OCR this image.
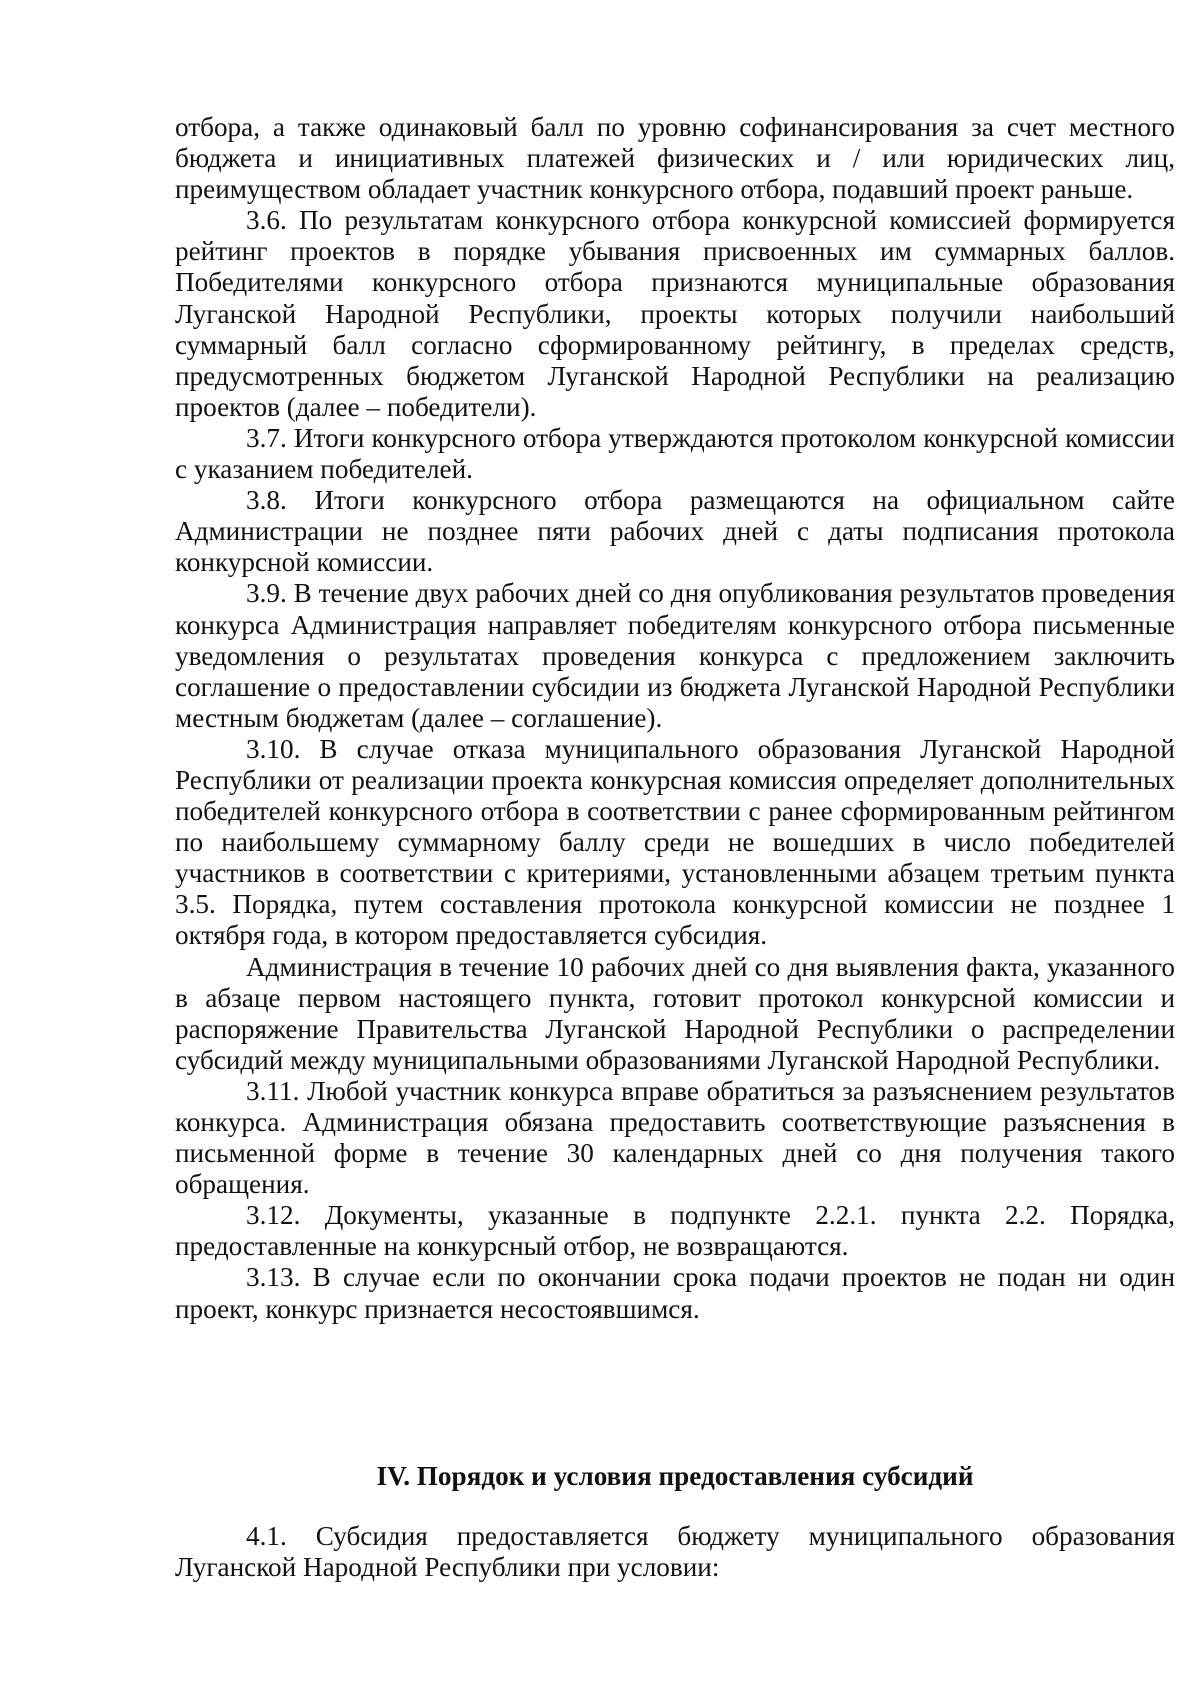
отбора, а также одинаковый балл по уровню софинансирования за счет местного бюджета и инициативных платежей физических и / или юридических лиц, преимуществом обладает участник конкурсного отбора, подавший проект раньше.

3.6. По результатам конкурсного отбора конкурсной комиссией формируется рейтинг проектов в порядке убывания присвоенных им суммарных баллов. Победителями конкурсного отбора признаются муниципальные образования Луганской Народной Республики, проекты которых получили наибольший суммарный балл согласно сформированному рейтингу, в пределах средств, предусмотренных бюджетом Луганской Народной Республики на реализацию проектов (далее – победители).

3.7. Итоги конкурсного отбора утверждаются протоколом конкурсной комиссии с указанием победителей.

3.8. Итоги конкурсного отбора размещаются на официальном сайте Администрации не позднее пяти рабочих дней с даты подписания протокола конкурсной комиссии.

3.9. В течение двух рабочих дней со дня опубликования результатов проведения конкурса Администрация направляет победителям конкурсного отбора письменные уведомления о результатах проведения конкурса с предложением заключить соглашение о предоставлении субсидии из бюджета Луганской Народной Республики местным бюджетам (далее – соглашение).

3.10. В случае отказа муниципального образования Луганской Народной Республики от реализации проекта конкурсная комиссия определяет дополнительных победителей конкурсного отбора в соответствии с ранее сформированным рейтингом по наибольшему суммарному баллу среди не вошедших в число победителей участников в соответствии с критериями, установленными абзацем третьим пункта 3.5. Порядка, путем составления протокола конкурсной комиссии не позднее 1 октября года, в котором предоставляется субсидия.

Администрация в течение 10 рабочих дней со дня выявления факта, указанного в абзаце первом настоящего пункта, готовит протокол конкурсной комиссии и распоряжение Правительства Луганской Народной Республики о распределении субсидий между муниципальными образованиями Луганской Народной Республики.

3.11. Любой участник конкурса вправе обратиться за разъяснением результатов конкурса. Администрация обязана предоставить соответствующие разъяснения в письменной форме в течение 30 календарных дней со дня получения такого обращения.

3.12. Документы, указанные в подпункте 2.2.1. пункта 2.2. Порядка, предоставленные на конкурсный отбор, не возвращаются.

3.13. В случае если по окончании срока подачи проектов не подан ни один проект, конкурс признается несостоявшимся.

IV. Порядок и условия предоставления субсидий

4.1. Субсидия предоставляется бюджету муниципального образования Луганской Народной Республики при условии:
